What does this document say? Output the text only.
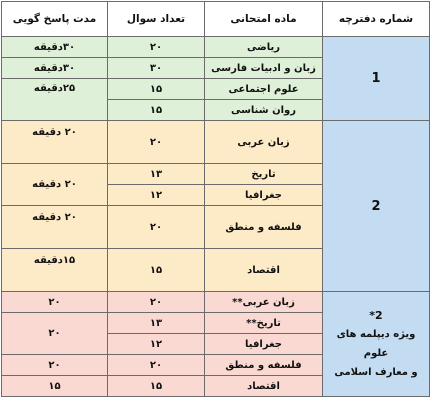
شماره دفترچه	ماده امتحانی	تعداد سوال	مدت پاسخ گویی
1	ریاضی	۲۰	۳۰دقیقه
	زبان و ادبیات فارسی	۳۰	۳۰دقیقه
	علوم اجتماعی	۱۵	۲۵دقیقه
	روان شناسی	۱۵	
2	زبان عربی	۲۰	۲۰ دقیقه
	تاریخ	۱۳	۲۰ دقیقه
	جغرافیا	۱۲	
	فلسفه و منطق	۲۰	۲۰ دقیقه
	اقتصاد	۱۵	۱۵دقیقه

2*
ویژه دیپلمه های علوم
و معارف اسلامی	زبان عربی**	۲۰	۲۰
	تاریخ**	۱۳	۲۰
	جغرافیا	۱۲	
	فلسفه و منطق	۲۰	۲۰
	اقتصاد	۱۵	۱۵
